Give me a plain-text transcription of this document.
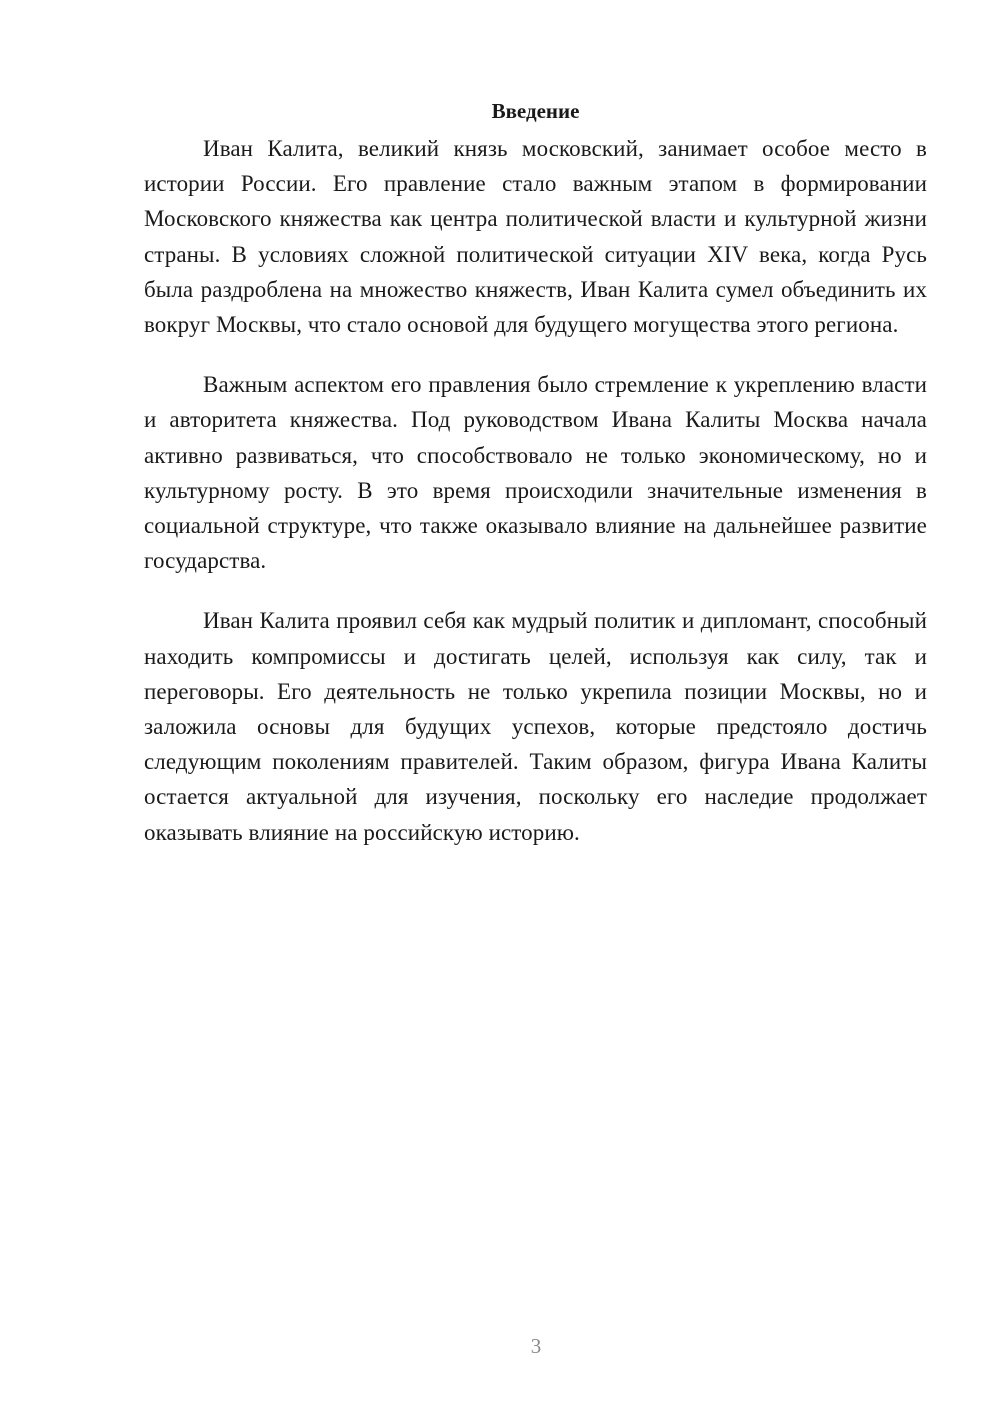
Введение

Иван Калита, великий князь московский, занимает особое место в истории России. Его правление стало важным этапом в формировании Московского княжества как центра политической власти и культурной жизни страны. В условиях сложной политической ситуации XIV века, когда Русь была раздроблена на множество княжеств, Иван Калита сумел объединить их вокруг Москвы, что стало основой для будущего могущества этого региона.

Важным аспектом его правления было стремление к укреплению власти и авторитета княжества. Под руководством Ивана Калиты Москва начала активно развиваться, что способствовало не только экономическому, но и культурному росту. В это время происходили значительные изменения в социальной структуре, что также оказывало влияние на дальнейшее развитие государства.

Иван Калита проявил себя как мудрый политик и дипломант, способный находить компромиссы и достигать целей, используя как силу, так и переговоры. Его деятельность не только укрепила позиции Москвы, но и заложила основы для будущих успехов, которые предстояло достичь следующим поколениям правителей. Таким образом, фигура Ивана Калиты остается актуальной для изучения, поскольку его наследие продолжает оказывать влияние на российскую историю.

3
